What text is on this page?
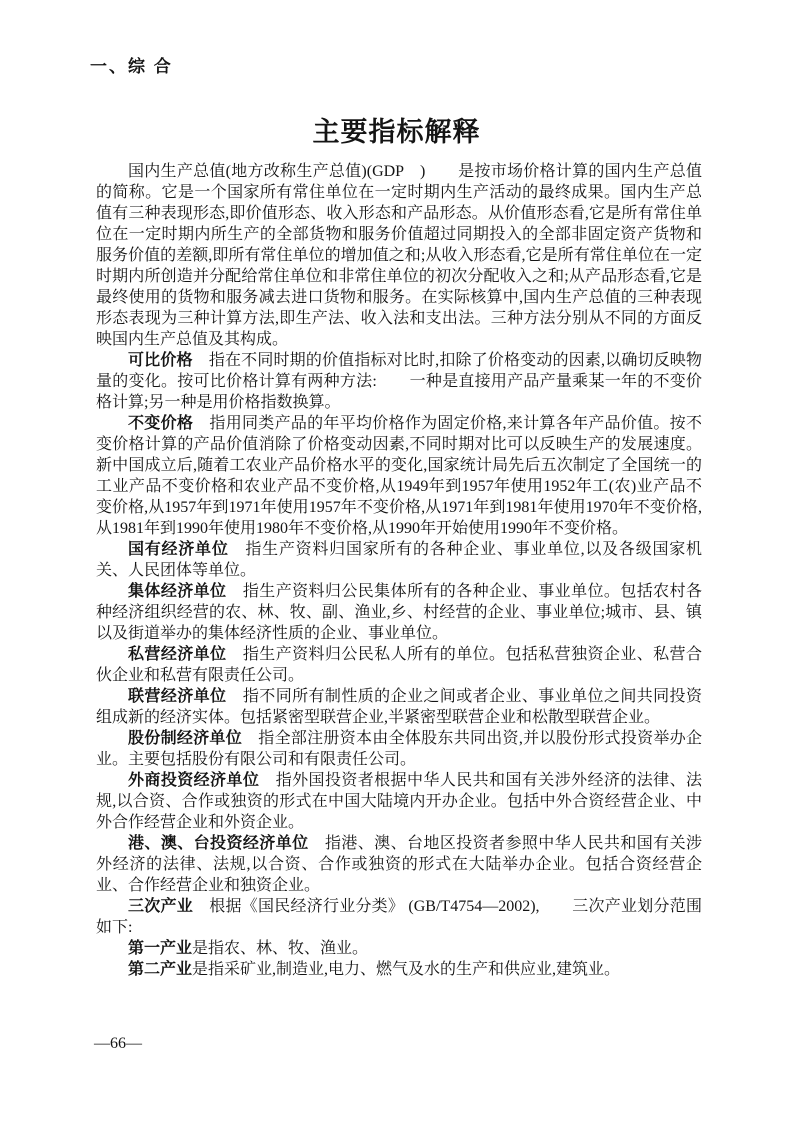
一、综 合
主要指标解释

国内生产总值(地方改称生产总值)(GDP　)　　是按市场价格计算的国内生产总值的简称。它是一个国家所有常住单位在一定时期内生产活动的最终成果。国内生产总值有三种表现形态,即价值形态、收入形态和产品形态。从价值形态看,它是所有常住单位在一定时期内所生产的全部货物和服务价值超过同期投入的全部非固定资产货物和服务价值的差额,即所有常住单位的增加值之和;从收入形态看,它是所有常住单位在一定时期内所创造并分配给常住单位和非常住单位的初次分配收入之和;从产品形态看,它是最终使用的货物和服务减去进口货物和服务。在实际核算中,国内生产总值的三种表现形态表现为三种计算方法,即生产法、收入法和支出法。三种方法分别从不同的方面反映国内生产总值及其构成。

可比价格　指在不同时期的价值指标对比时,扣除了价格变动的因素,以确切反映物量的变化。按可比价格计算有两种方法:　　一种是直接用产品产量乘某一年的不变价格计算;另一种是用价格指数换算。

不变价格　指用同类产品的年平均价格作为固定价格,来计算各年产品价值。按不变价格计算的产品价值消除了价格变动因素,不同时期对比可以反映生产的发展速度。新中国成立后,随着工农业产品价格水平的变化,国家统计局先后五次制定了全国统一的工业产品不变价格和农业产品不变价格,从1949年到1957年使用1952年工(农)业产品不变价格,从1957年到1971年使用1957年不变价格,从1971年到1981年使用1970年不变价格,从1981年到1990年使用1980年不变价格,从1990年开始使用1990年不变价格。

国有经济单位　指生产资料归国家所有的各种企业、事业单位,以及各级国家机关、人民团体等单位。

集体经济单位　指生产资料归公民集体所有的各种企业、事业单位。包括农村各种经济组织经营的农、林、牧、副、渔业,乡、村经营的企业、事业单位;城市、县、镇以及街道举办的集体经济性质的企业、事业单位。

私营经济单位　指生产资料归公民私人所有的单位。包括私营独资企业、私营合伙企业和私营有限责任公司。

联营经济单位　指不同所有制性质的企业之间或者企业、事业单位之间共同投资组成新的经济实体。包括紧密型联营企业,半紧密型联营企业和松散型联营企业。

股份制经济单位　指全部注册资本由全体股东共同出资,并以股份形式投资举办企业。主要包括股份有限公司和有限责任公司。

外商投资经济单位　指外国投资者根据中华人民共和国有关涉外经济的法律、法规,以合资、合作或独资的形式在中国大陆境内开办企业。包括中外合资经营企业、中外合作经营企业和外资企业。

港、澳、台投资经济单位　指港、澳、台地区投资者参照中华人民共和国有关涉外经济的法律、法规,以合资、合作或独资的形式在大陆举办企业。包括合资经营企业、合作经营企业和独资企业。

三次产业　根据《国民经济行业分类》 (GB/T4754—2002),　　三次产业划分范围如下:

第一产业是指农、林、牧、渔业。

第二产业是指采矿业,制造业,电力、燃气及水的生产和供应业,建筑业。

—66—
